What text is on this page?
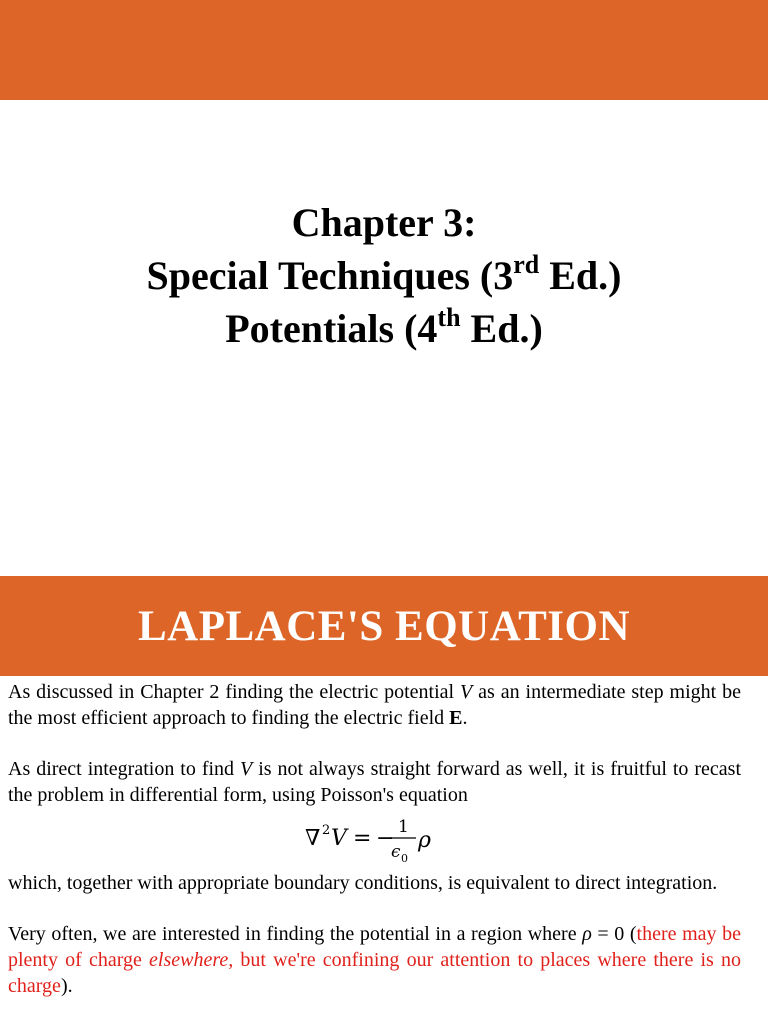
Chapter 3:
Special Techniques (3rd Ed.)
Potentials (4th Ed.)
LAPLACE'S EQUATION

As discussed in Chapter 2 finding the electric potential V as an intermediate step might be the most efficient approach to finding the electric field E.

As direct integration to find V is not always straight forward as well, it is fruitful to recast the problem in differential form, using Poisson's equation

∇ 2 V = − 1
ϵ 0
ρ

which, together with appropriate boundary conditions, is equivalent to direct integration.

Very often, we are interested in finding the potential in a region where ρ = 0 (there may be plenty of charge elsewhere, but we're confining our attention to places where there is no charge).
